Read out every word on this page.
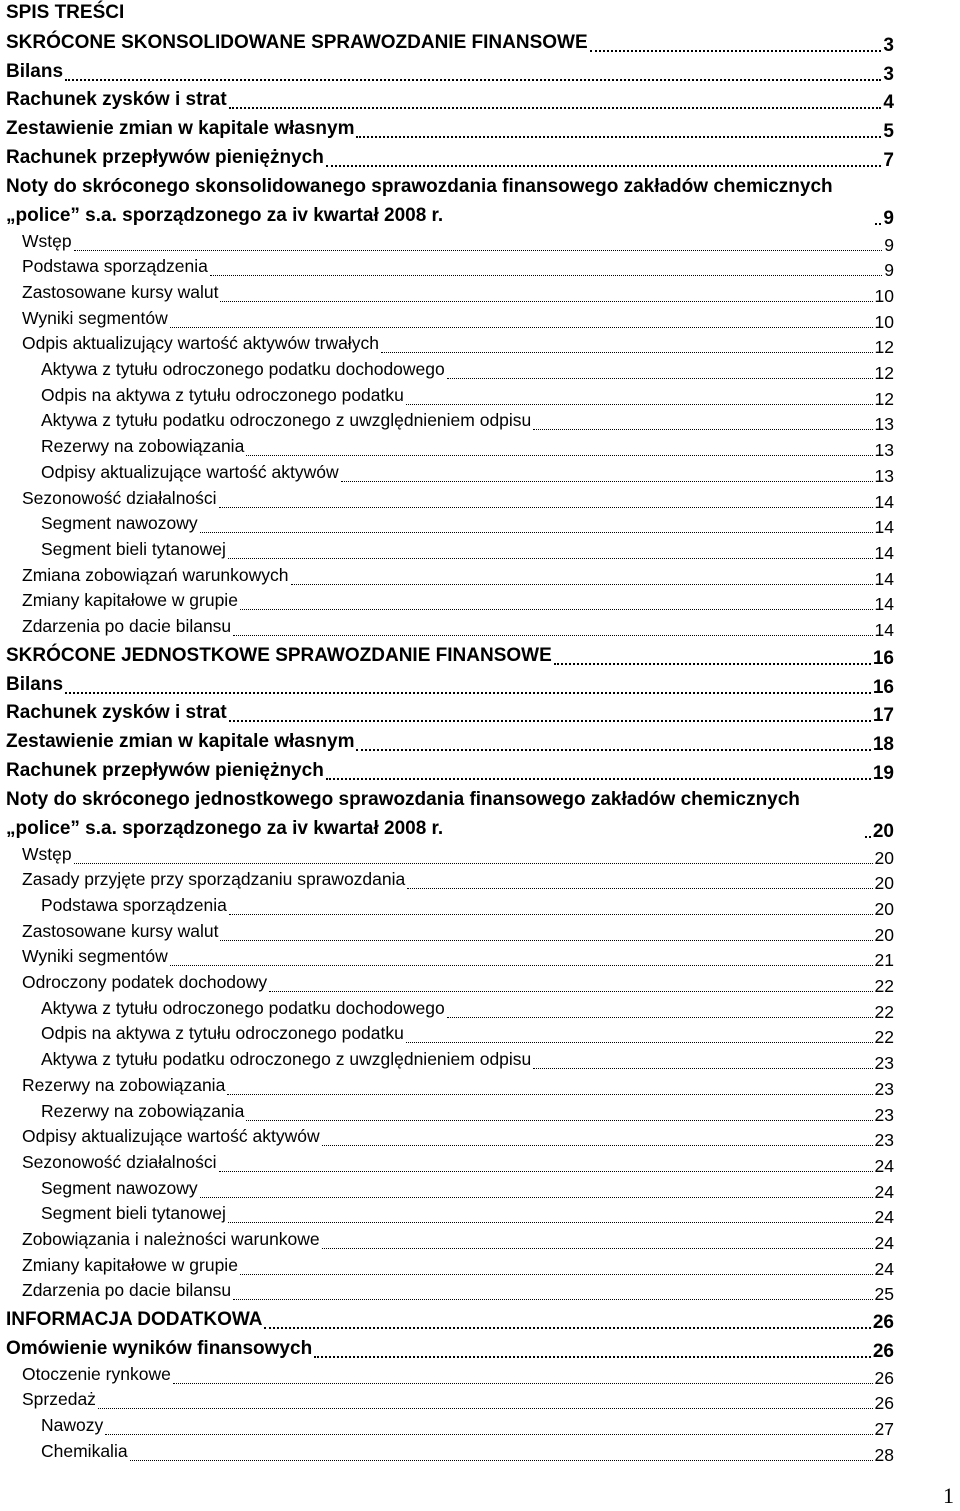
SPIS TREŚCI
SKRÓCONE SKONSOLIDOWANE SPRAWOZDANIE FINANSOWE	3
Bilans	3
Rachunek zysków i strat	4
Zestawienie zmian w kapitale własnym	5
Rachunek przepływów pieniężnych	7
Noty do skróconego skonsolidowanego sprawozdania finansowego zakładów chemicznych „police” s.a. sporządzonego za iv kwartał 2008 r.	9
Wstęp	9
Podstawa sporządzenia	9
Zastosowane kursy walut	10
Wyniki segmentów	10
Odpis aktualizujący wartość aktywów trwałych	12
Aktywa z tytułu odroczonego podatku dochodowego	12
Odpis na aktywa z tytułu odroczonego podatku	12
Aktywa z tytułu podatku odroczonego z uwzględnieniem odpisu	13
Rezerwy na zobowiązania	13
Odpisy aktualizujące wartość aktywów	13
Sezonowość działalności	14
Segment nawozowy	14
Segment bieli tytanowej	14
Zmiana zobowiązań warunkowych	14
Zmiany kapitałowe w grupie	14
Zdarzenia po dacie bilansu	14
SKRÓCONE JEDNOSTKOWE SPRAWOZDANIE FINANSOWE	16
Bilans	16
Rachunek zysków i strat	17
Zestawienie zmian w kapitale własnym	18
Rachunek przepływów pieniężnych	19
Noty do skróconego jednostkowego sprawozdania finansowego zakładów chemicznych „police” s.a. sporządzonego za iv kwartał 2008 r.	20
Wstęp	20
Zasady przyjęte przy sporządzaniu sprawozdania	20
Podstawa sporządzenia	20
Zastosowane kursy walut	20
Wyniki segmentów	21
Odroczony podatek dochodowy	22
Aktywa z tytułu odroczonego podatku dochodowego	22
Odpis na aktywa z tytułu odroczonego podatku	22
Aktywa z tytułu podatku odroczonego z uwzględnieniem odpisu	23
Rezerwy na zobowiązania	23
Rezerwy na zobowiązania	23
Odpisy aktualizujące wartość aktywów	23
Sezonowość działalności	24
Segment nawozowy	24
Segment bieli tytanowej	24
Zobowiązania i należności warunkowe	24
Zmiany kapitałowe w grupie	24
Zdarzenia po dacie bilansu	25
INFORMACJA DODATKOWA	26
Omówienie wyników finansowych	26
Otoczenie rynkowe	26
Sprzedaż	26
Nawozy	27
Chemikalia	28
1
